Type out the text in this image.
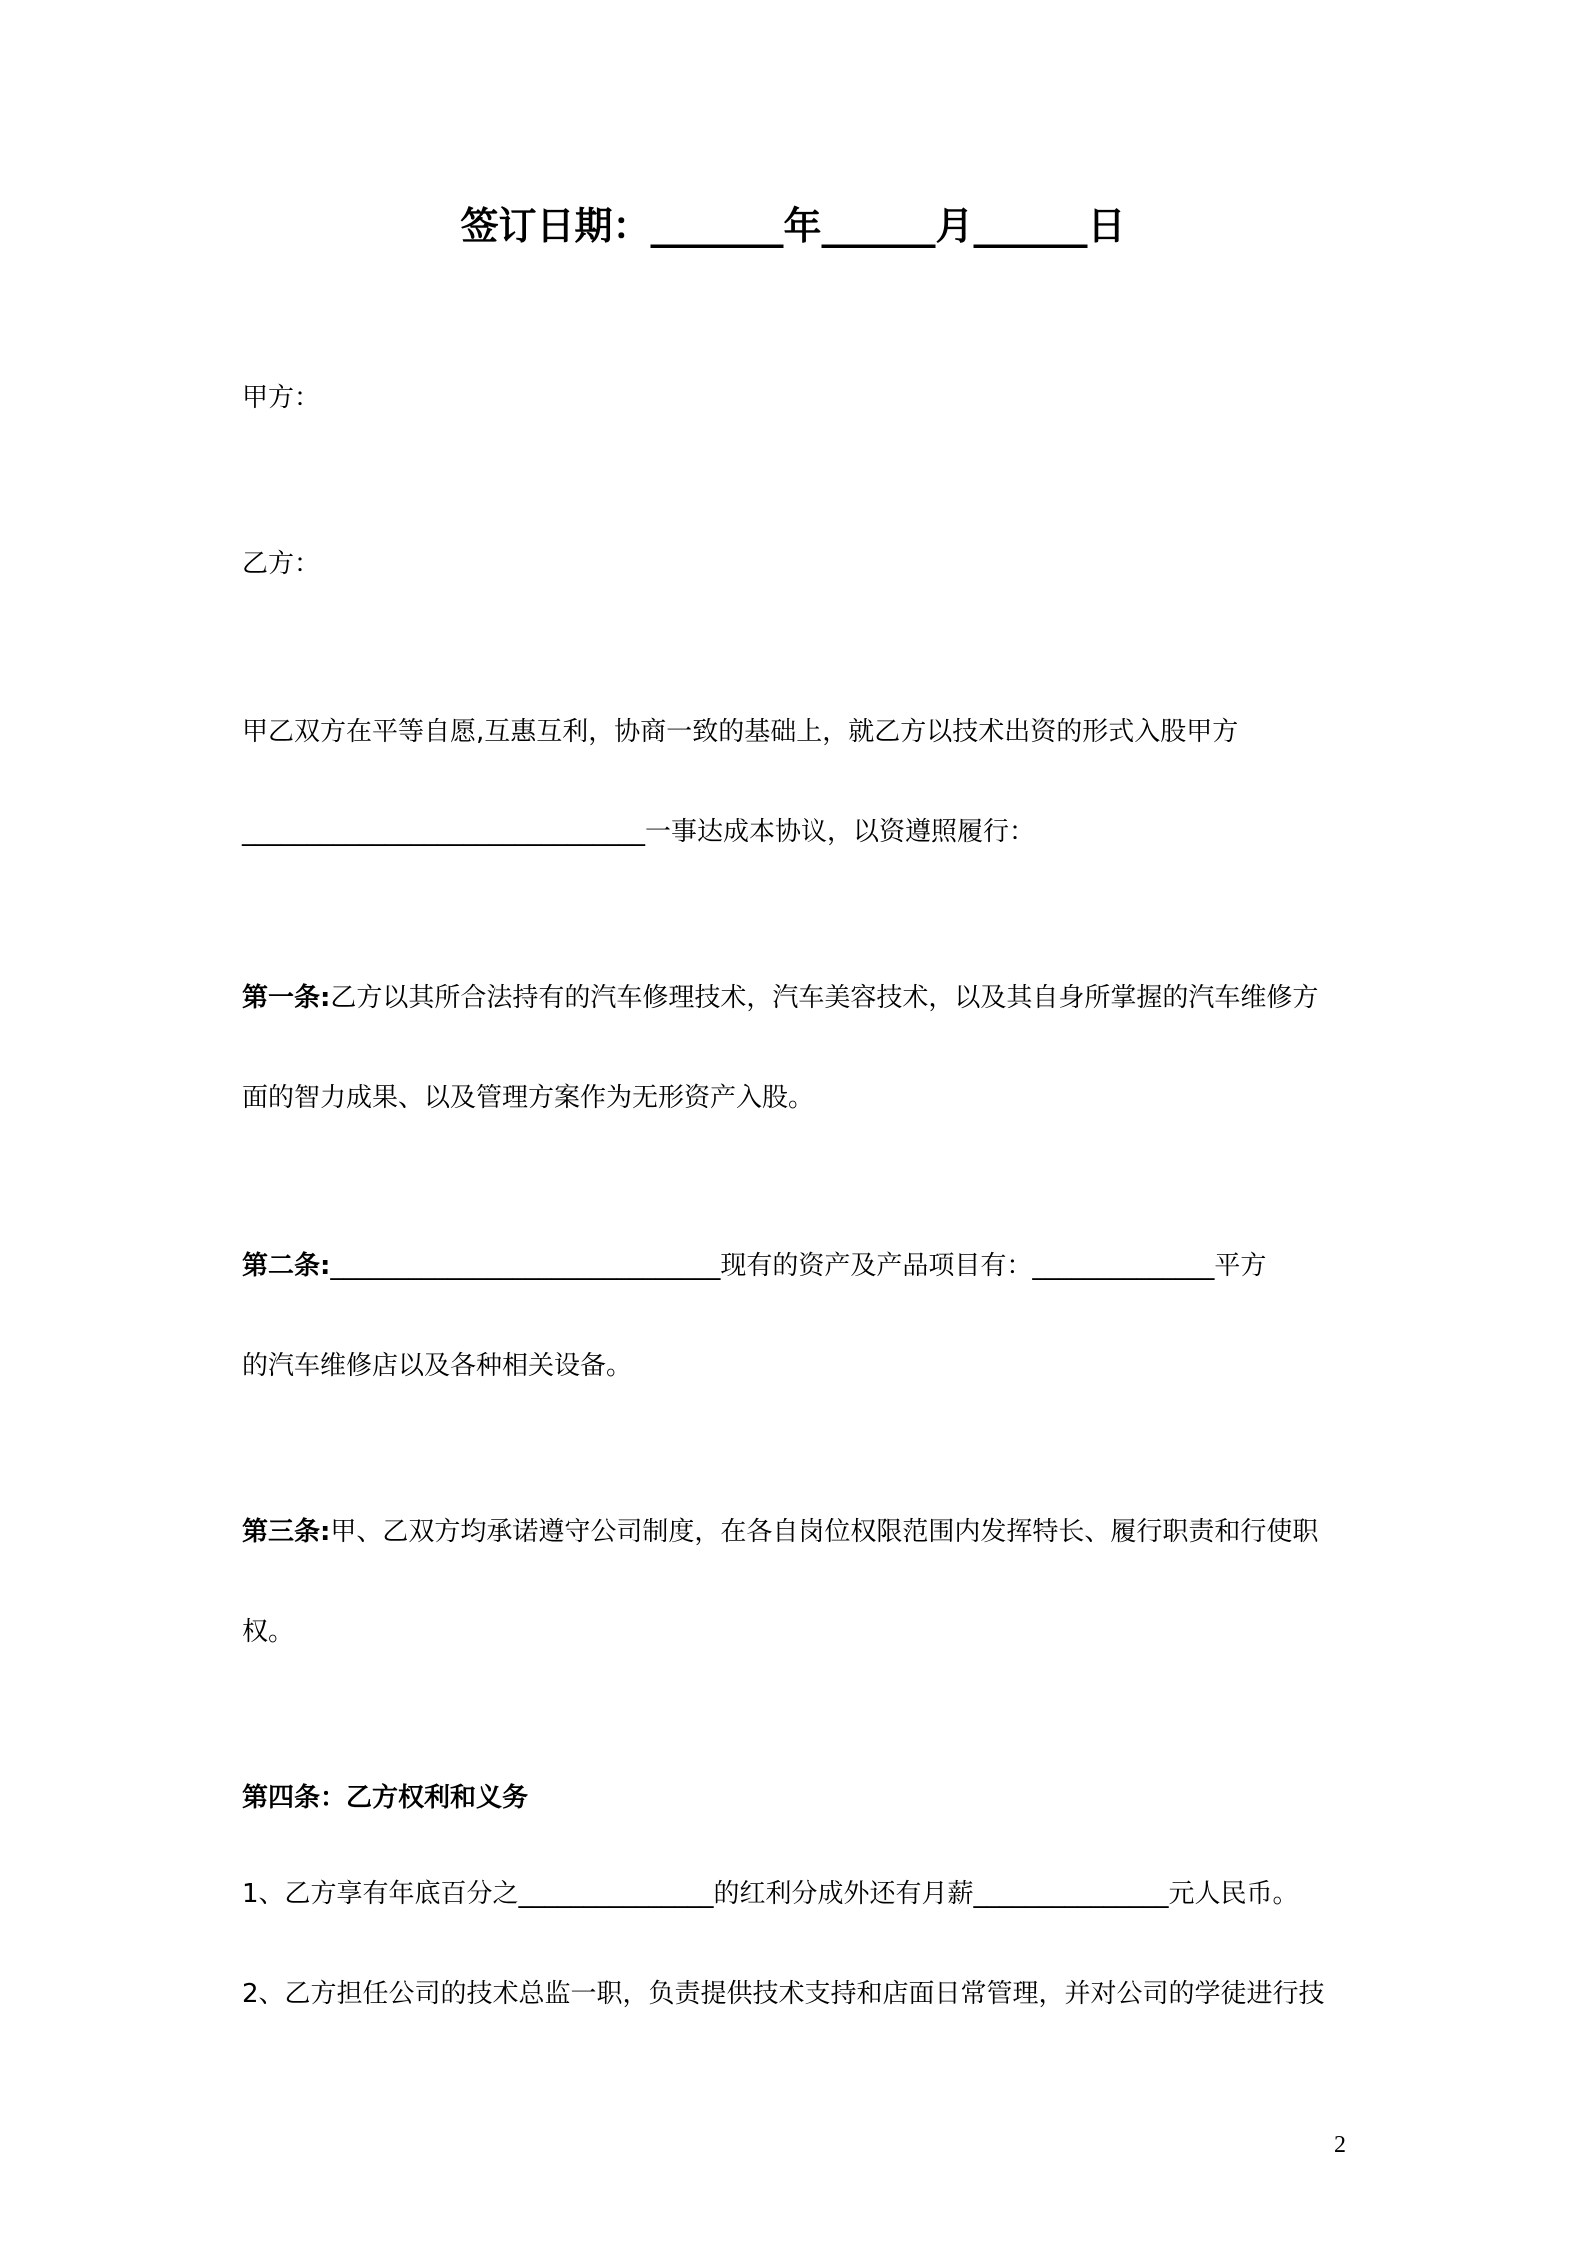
签订日期：_______年______月______日
甲方：
乙方：
甲乙双方在平等自愿,互惠互利，协商一致的基础上，就乙方以技术出资的形式入股甲方
_______________________________一事达成本协议，以资遵照履行：
第一条:乙方以其所合法持有的汽车修理技术，汽车美容技术，以及其自身所掌握的汽车维修方
面的智力成果、以及管理方案作为无形资产入股。
第二条:______________________________现有的资产及产品项目有：______________平方
的汽车维修店以及各种相关设备。
第三条:甲、乙双方均承诺遵守公司制度，在各自岗位权限范围内发挥特长、履行职责和行使职
权。
第四条：乙方权利和义务
1、乙方享有年底百分之_______________的红利分成外还有月薪_______________元人民币。
2、乙方担任公司的技术总监一职，负责提供技术支持和店面日常管理，并对公司的学徒进行技
2
